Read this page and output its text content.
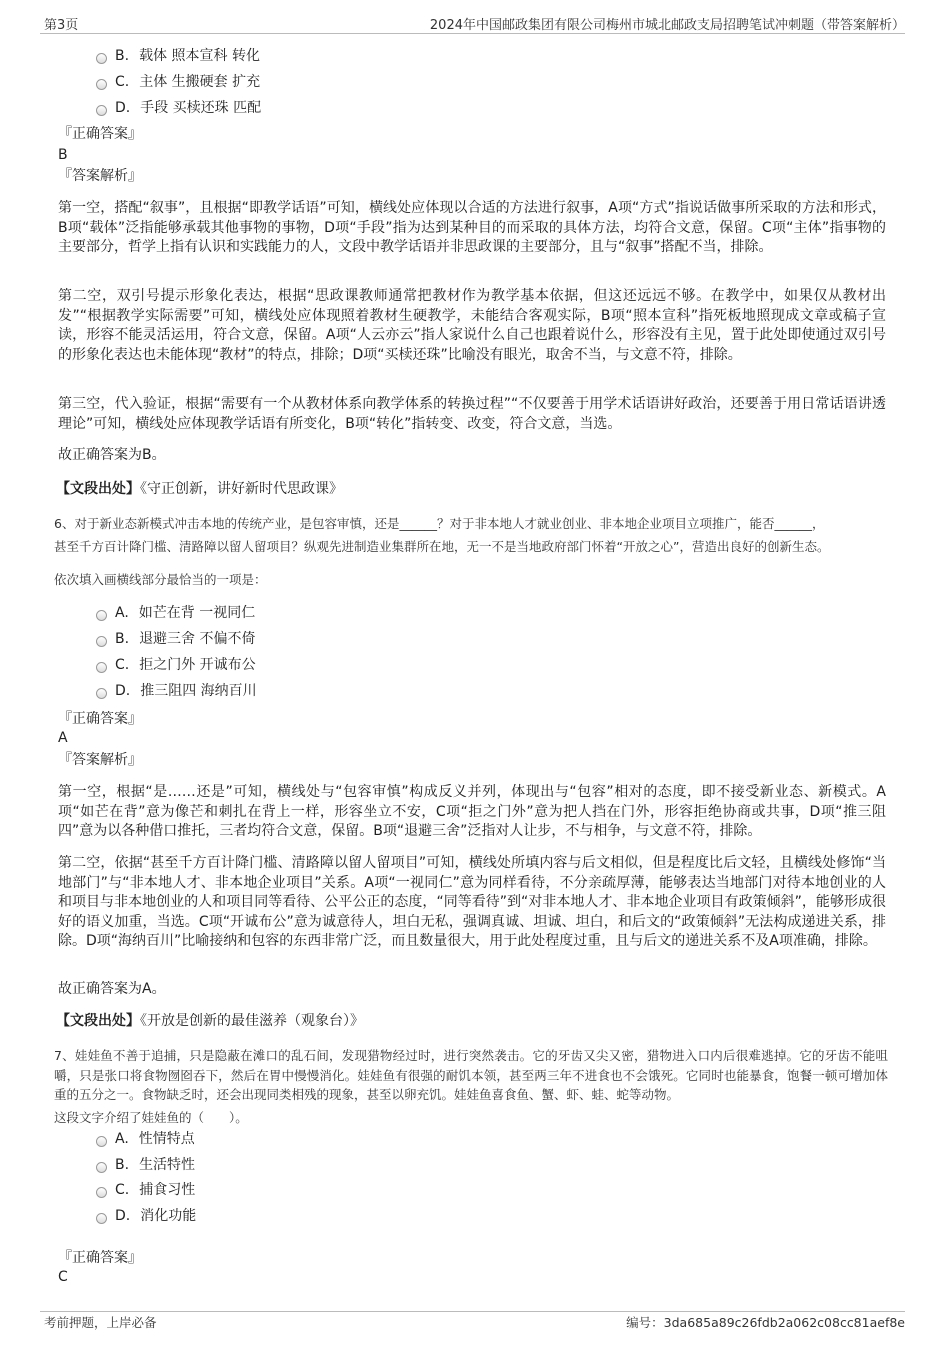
第3页	2024年中国邮政集团有限公司梅州市城北邮政支局招聘笔试冲刺题（带答案解析）
B. 载体 照本宣科 转化
C. 主体 生搬硬套 扩充
D. 手段 买椟还珠 匹配
『正确答案』
B
『答案解析』
第一空，搭配“叙事”，且根据“即教学话语”可知，横线处应体现以合适的方法进行叙事，A项“方式”指说话做事所采取的方法和形式，B项“载体”泛指能够承载其他事物的事物，D项“手段”指为达到某种目的而采取的具体方法，均符合文意，保留。C项“主体”指事物的主要部分，哲学上指有认识和实践能力的人，文段中教学话语并非思政课的主要部分，且与“叙事”搭配不当，排除。
第二空，双引号提示形象化表达，根据“思政课教师通常把教材作为教学基本依据，但这还远远不够。在教学中，如果仅从教材出发”“根据教学实际需要”可知，横线处应体现照着教材生硬教学，未能结合客观实际，B项“照本宣科”指死板地照现成文章或稿子宣读，形容不能灵活运用，符合文意，保留。A项“人云亦云”指人家说什么自己也跟着说什么，形容没有主见，置于此处即使通过双引号的形象化表达也未能体现“教材”的特点，排除；D项“买椟还珠”比喻没有眼光，取舍不当，与文意不符，排除。
第三空，代入验证，根据“需要有一个从教材体系向教学体系的转换过程”“不仅要善于用学术话语讲好政治，还要善于用日常话语讲透理论”可知，横线处应体现教学话语有所变化，B项“转化”指转变、改变，符合文意，当选。
故正确答案为B。
【文段出处】《守正创新，讲好新时代思政课》
6、对于新业态新模式冲击本地的传统产业，是包容审慎，还是______？对于非本地人才就业创业、非本地企业项目立项推广，能否______，
甚至千方百计降门槛、清路障以留人留项目？纵观先进制造业集群所在地，无一不是当地政府部门怀着“开放之心”，营造出良好的创新生态。
依次填入画横线部分最恰当的一项是：
A. 如芒在背 一视同仁
B. 退避三舍 不偏不倚
C. 拒之门外 开诚布公
D. 推三阻四 海纳百川
『正确答案』
A
『答案解析』
第一空，根据“是……还是”可知，横线处与“包容审慎”构成反义并列，体现出与“包容”相对的态度，即不接受新业态、新模式。A项“如芒在背”意为像芒和刺扎在背上一样，形容坐立不安，C项“拒之门外”意为把人挡在门外，形容拒绝协商或共事，D项“推三阻四”意为以各种借口推托，三者均符合文意，保留。B项“退避三舍”泛指对人让步，不与相争，与文意不符，排除。
第二空，依据“甚至千方百计降门槛、清路障以留人留项目”可知，横线处所填内容与后文相似，但是程度比后文轻，且横线处修饰“当地部门”与“非本地人才、非本地企业项目”关系。A项“一视同仁”意为同样看待，不分亲疏厚薄，能够表达当地部门对待本地创业的人和项目与非本地创业的人和项目同等看待、公平公正的态度，“同等看待”到“对非本地人才、非本地企业项目有政策倾斜”，能够形成很好的语义加重，当选。C项“开诚布公”意为诚意待人，坦白无私，强调真诚、坦诚、坦白，和后文的“政策倾斜”无法构成递进关系，排除。D项“海纳百川”比喻接纳和包容的东西非常广泛，而且数量很大，用于此处程度过重，且与后文的递进关系不及A项准确，排除。
故正确答案为A。
【文段出处】《开放是创新的最佳滋养（观象台）》
7、娃娃鱼不善于追捕，只是隐蔽在滩口的乱石间，发现猎物经过时，进行突然袭击。它的牙齿又尖又密，猎物进入口内后很难逃掉。它的牙齿不能咀嚼，只是张口将食物囫囵吞下，然后在胃中慢慢消化。娃娃鱼有很强的耐饥本领，甚至两三年不进食也不会饿死。它同时也能暴食，饱餐一顿可增加体重的五分之一。食物缺乏时，还会出现同类相残的现象，甚至以卵充饥。娃娃鱼喜食鱼、蟹、虾、蛙、蛇等动物。
这段文字介绍了娃娃鱼的（　　）。
A. 性情特点
B. 生活特性
C. 捕食习性
D. 消化功能
『正确答案』
C
考前押题，上岸必备	编号：3da685a89c26fdb2a062c08cc81aef8e
